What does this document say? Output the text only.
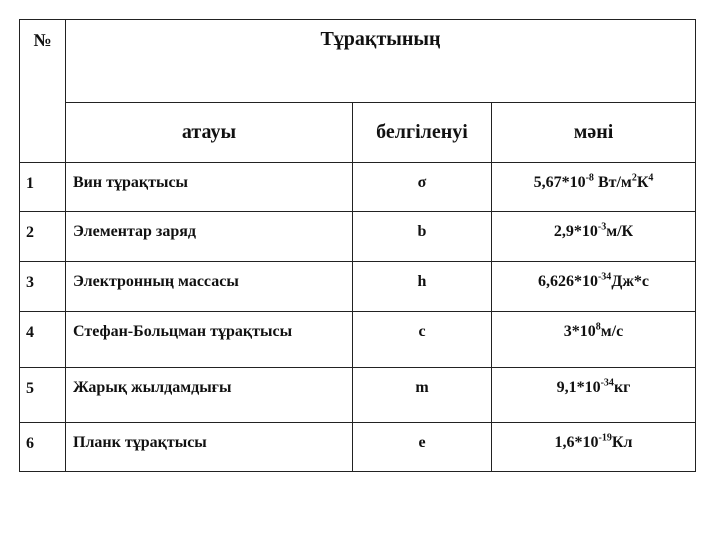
№	Тұрақтының		
	атауы	белгіленуі	мәні
1	Вин тұрақтысы	σ	$5,67*10^{-8}$ $Вт/м^2К^4$
2	Элементар заряд	b	$2,9*10^{-3}м/К$
3	Электронның массасы	h	$6,626*10^{-34}Дж*с$
4	Стефан-Больцман тұрақтысы	c	$3*10^8м/с$
5	Жарық жылдамдығы	m	$9,1*10^{-34}кг$
6	Планк тұрақтысы	e	$1,6*10^{-19}Кл$
